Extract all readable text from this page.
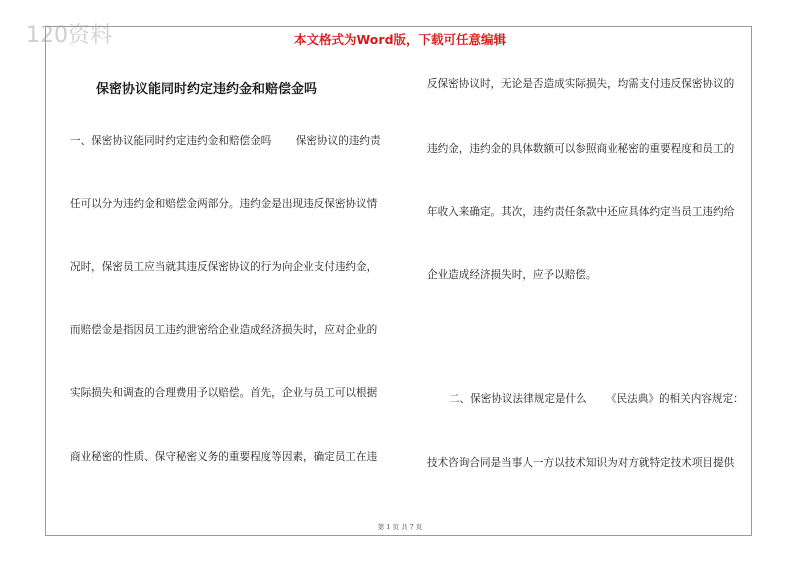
120资料	本文格式为Word版，下载可任意编辑
保密协议能同时约定违约金和赔偿金吗
一、保密协议能同时约定违约金和赔偿金吗 　　保密协议的违约责
任可以分为违约金和赔偿金两部分。违约金是出现违反保密协议情
况时，保密员工应当就其违反保密协议的行为向企业支付违约金，
而赔偿金是指因员工违约泄密给企业造成经济损失时，应对企业的
实际损失和调查的合理费用予以赔偿。首先，企业与员工可以根据
商业秘密的性质、保守秘密义务的重要程度等因素，确定员工在违
反保密协议时，无论是否造成实际损失，均需支付违反保密协议的
违约金，违约金的具体数额可以参照商业秘密的重要程度和员工的
年收入来确定。其次，违约责任条款中还应具体约定当员工违约给
企业造成经济损失时，应予以赔偿。
二、保密协议法律规定是什么 　　《民法典》的相关内容规定：
技术咨询合同是当事人一方以技术知识为对方就特定技术项目提供
第 1 页 共 7 页
